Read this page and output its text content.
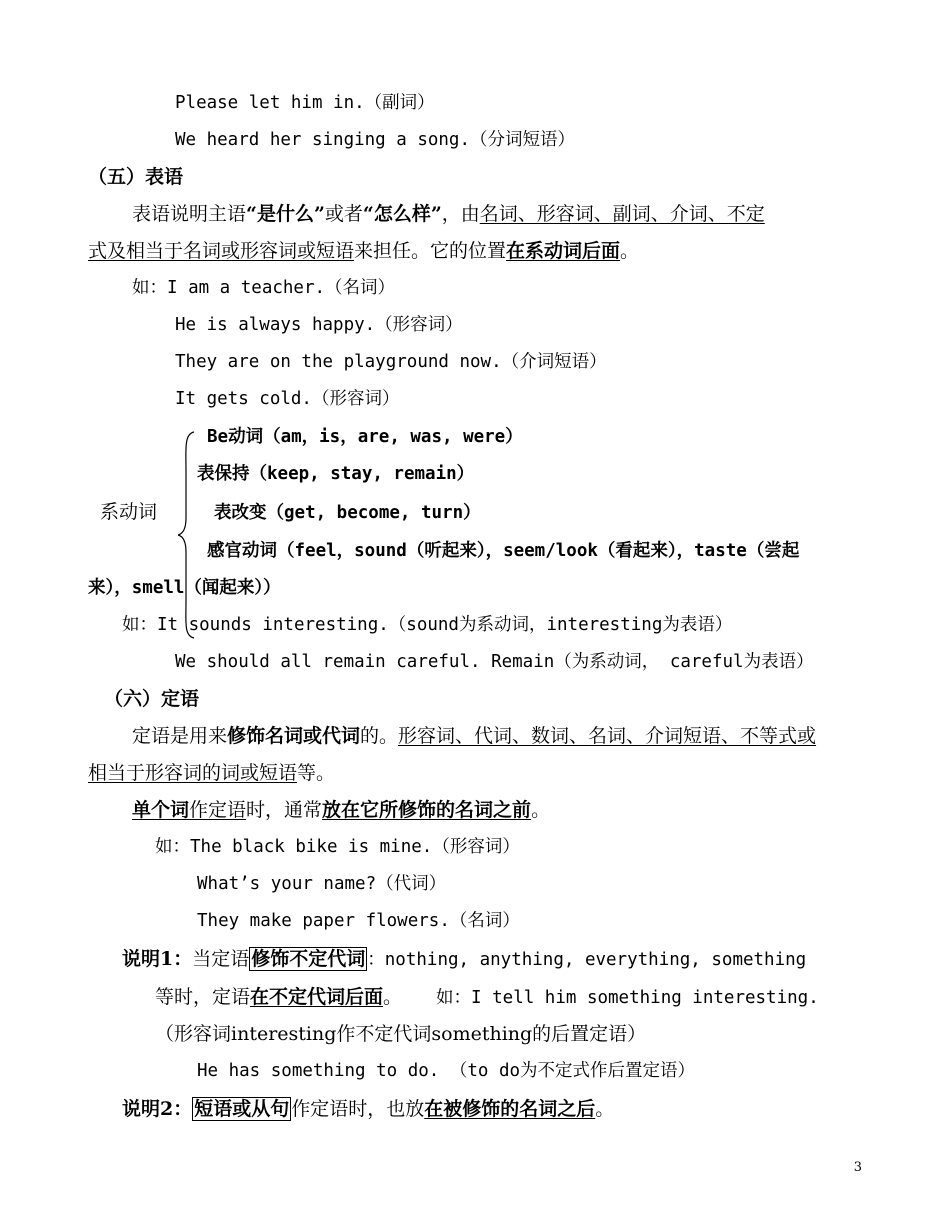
Please let him in.（副词）
We heard her singing a song.（分词短语）
（五）表语
表语说明主语“是什么”或者“怎么样”，由名词、形容词、副词、介词、不定
式及相当于名词或形容词或短语来担任。它的位置在系动词后面。
如：I am a teacher.（名词）
He is always happy.（形容词）
They are on the playground now.（介词短语）
It gets cold.（形容词）
系动词
Be动词（am，is，are, was, were）
表保持（keep, stay, remain）
表改变（get, become, turn）
感官动词（feel，sound（听起来），seem/look（看起来），taste（尝起
来），smell（闻起来））
如：It sounds interesting.（sound为系动词，interesting为表语）
We should all remain careful. Remain（为系动词， careful为表语）
（六）定语
定语是用来修饰名词或代词的。形容词、代词、数词、名词、介词短语、不等式或
相当于形容词的词或短语等。
单个词作定语时，通常放在它所修饰的名词之前。
如：The black bike is mine.（形容词）
What’s your name?（代词）
They make paper flowers.（名词）
说明1：当定语 修饰不定代词 ：nothing, anything, everything, something
等时，定语在不定代词后面。 如：I tell him something interesting.
（形容词interesting作不定代词something的后置定语）
He has something to do. （to do为不定式作后置定语）
说明2： 短语或从句 作定语时，也放在被修饰的名词之后。
3
